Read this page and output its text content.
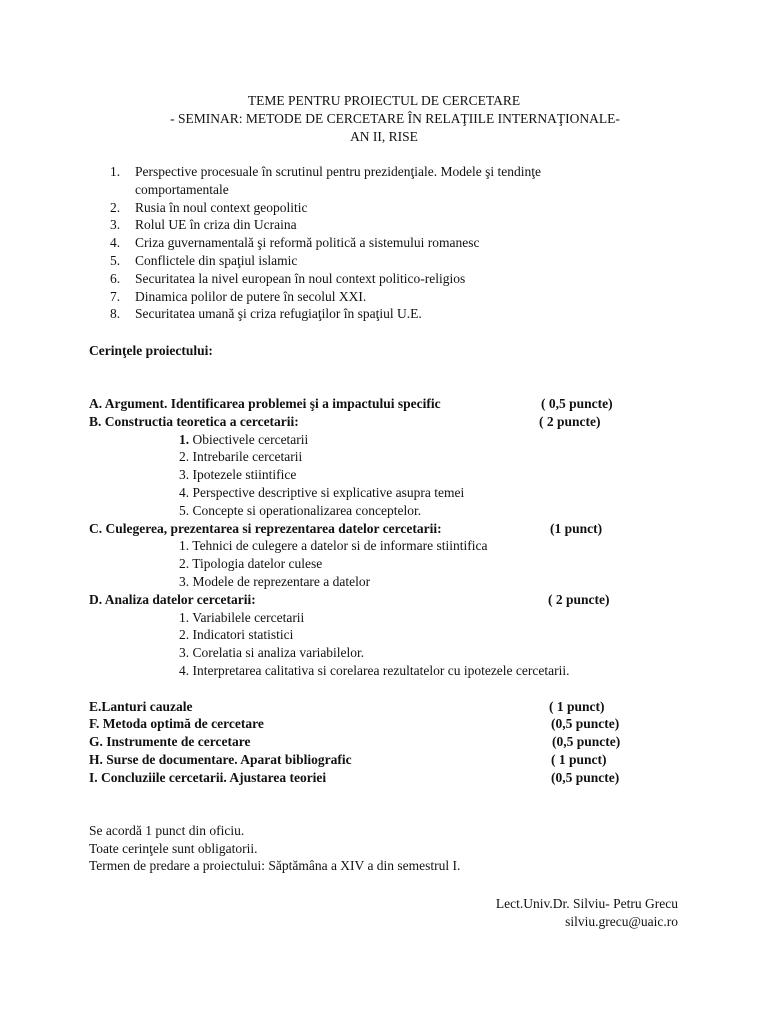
TEME PENTRU PROIECTUL DE CERCETARE
- SEMINAR: METODE DE CERCETARE ÎN RELAŢIILE INTERNAŢIONALE-
AN II, RISE
1.	Perspective procesuale în scrutinul pentru prezidenţiale. Modele şi tendinţe comportamentale
2.	Rusia în noul context geopolitic
3.	Rolul UE în criza din Ucraina
4.	Criza guvernamentală şi reformă politică a sistemului romanesc
5.	Conflictele din spaţiul islamic
6.	Securitatea la nivel european în noul context politico-religios
7.	Dinamica polilor de putere în secolul XXI.
8.	Securitatea umană şi criza refugiaţilor în spaţiul U.E.
Cerinţele proiectului:
A. Argument. Identificarea problemei şi a impactului specific	( 0,5 puncte)
B. Constructia teoretica a cercetarii:	( 2 puncte)
1. Obiectivele cercetarii
2. Intrebarile cercetarii
3. Ipotezele stiintifice
4. Perspective descriptive si explicative asupra temei
5. Concepte si operationalizarea conceptelor.
C. Culegerea, prezentarea si reprezentarea datelor cercetarii:	(1 punct)
1. Tehnici de culegere a datelor si de informare stiintifica
2. Tipologia datelor culese
3. Modele de reprezentare a datelor
D. Analiza datelor cercetarii:	( 2 puncte)
1. Variabilele cercetarii
2. Indicatori statistici
3. Corelatia si analiza variabilelor.
4. Interpretarea calitativa si corelarea rezultatelor cu ipotezele cercetarii.
E.Lanturi cauzale	( 1 punct)
F. Metoda optimă de cercetare	(0,5 puncte)
G. Instrumente de cercetare	(0,5 puncte)
H. Surse de documentare. Aparat bibliografic	( 1 punct)
I. Concluziile cercetarii. Ajustarea teoriei	(0,5 puncte)
Se acordă 1 punct din oficiu.
Toate cerinţele sunt obligatorii.
Termen de predare a proiectului: Săptămâna a XIV a din semestrul I.
Lect.Univ.Dr. Silviu- Petru Grecu
silviu.grecu@uaic.ro
